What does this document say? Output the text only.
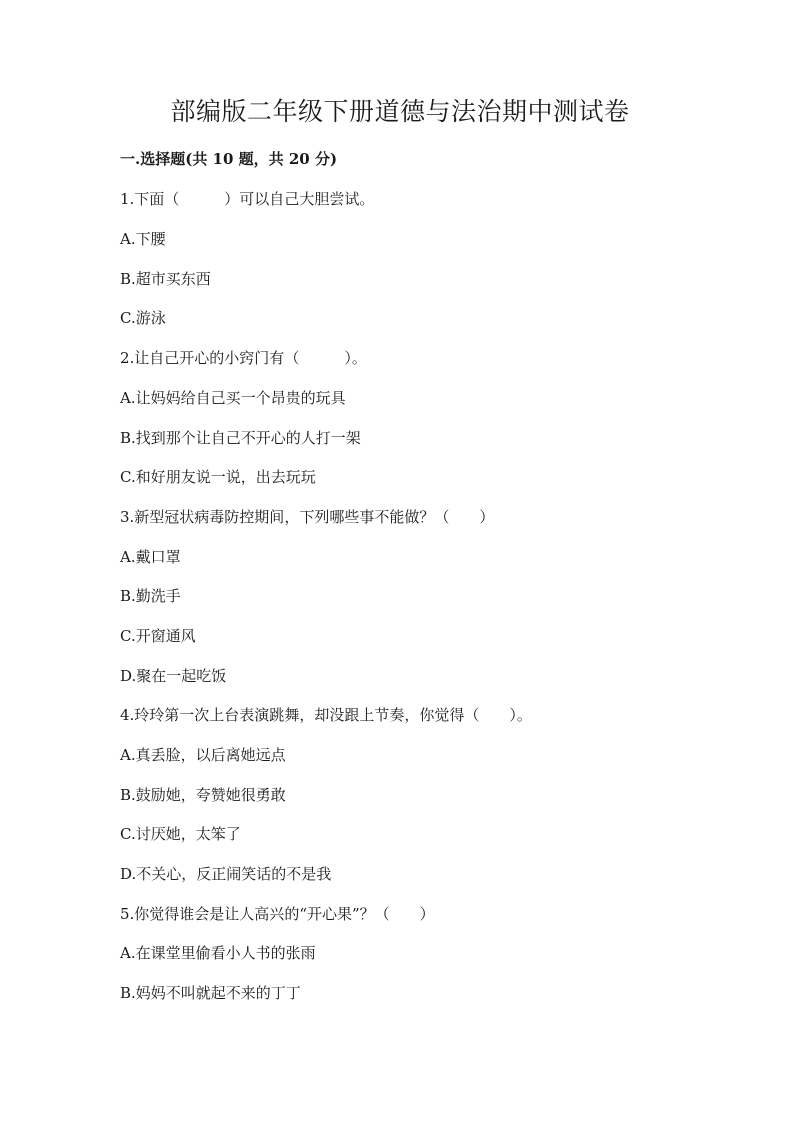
部编版二年级下册道德与法治期中测试卷
一.选择题(共 10 题，共 20 分)
1.下面（　　　）可以自己大胆尝试。
A.下腰
B.超市买东西
C.游泳
2.让自己开心的小窍门有（　　　）。
A.让妈妈给自己买一个昂贵的玩具
B.找到那个让自己不开心的人打一架
C.和好朋友说一说，出去玩玩
3.新型冠状病毒防控期间，下列哪些事不能做？（　　）
A.戴口罩
B.勤洗手
C.开窗通风
D.聚在一起吃饭
4.玲玲第一次上台表演跳舞，却没跟上节奏，你觉得（　　）。
A.真丢脸，以后离她远点
B.鼓励她，夸赞她很勇敢
C.讨厌她，太笨了
D.不关心，反正闹笑话的不是我
5.你觉得谁会是让人高兴的“开心果”？（　　）
A.在课堂里偷看小人书的张雨
B.妈妈不叫就起不来的丁丁
